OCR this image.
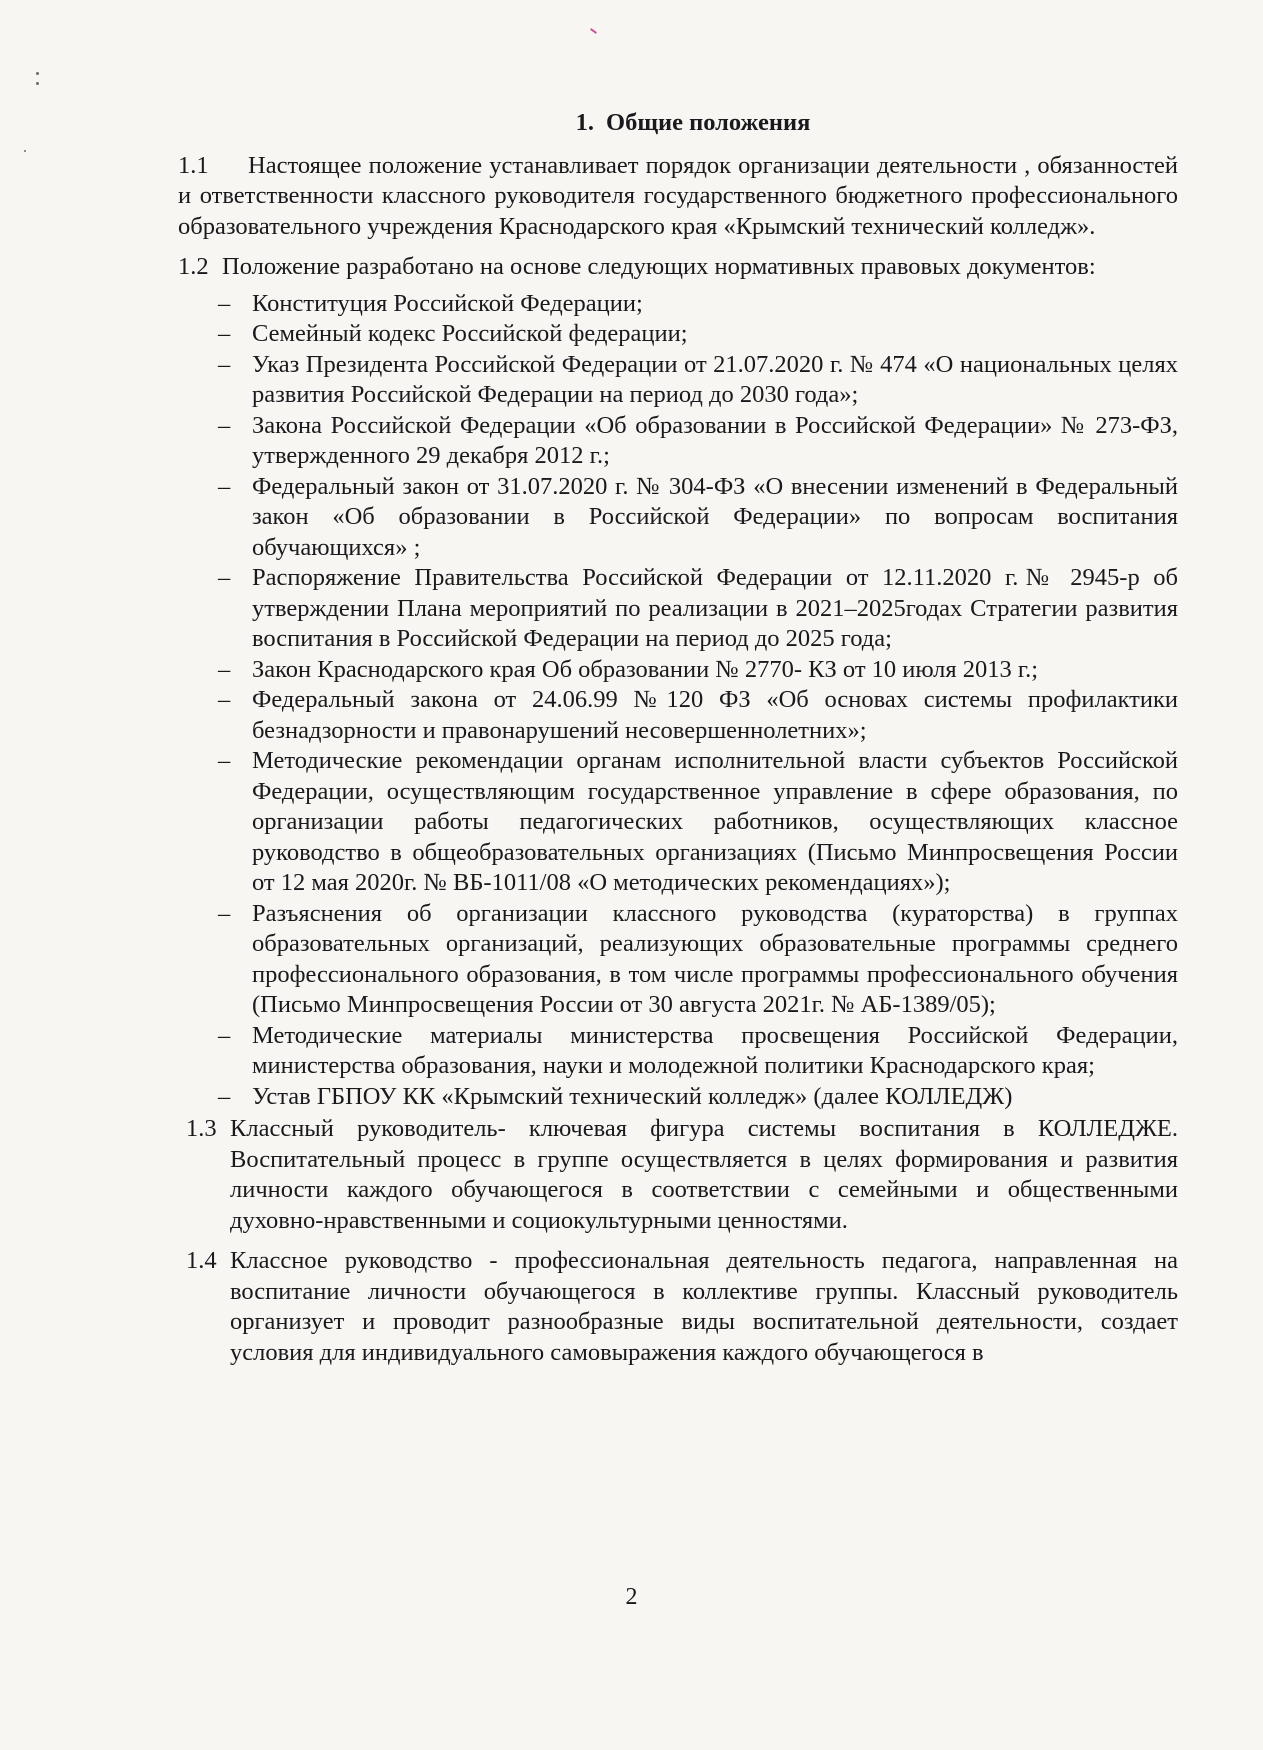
1. Общие положения

1.1 Настоящее положение устанавливает порядок организации деятельности , обязанностей и ответственности классного руководителя государственного бюджетного профессионального образовательного учреждения Краснодарского края «Крымский технический колледж».

1.2 Положение разработано на основе следующих нормативных правовых документов:
– Конституция Российской Федерации;
– Семейный кодекс Российской федерации;
– Указ Президента Российской Федерации от 21.07.2020 г. № 474 «О национальных целях развития Российской Федерации на период до 2030 года»;
– Закона Российской Федерации «Об образовании в Российской Федерации» № 273-ФЗ, утвержденного 29 декабря 2012 г.;
– Федеральный закон от 31.07.2020 г. № 304-ФЗ «О внесении изменений в Федеральный закон «Об образовании в Российской Федерации» по вопросам воспитания обучающихся» ;
– Распоряжение Правительства Российской Федерации от 12.11.2020 г.№ 2945-р об утверждении Плана мероприятий по реализации в 2021–2025годах Стратегии развития воспитания в Российской Федерации на период до 2025 года;
– Закон Краснодарского края Об образовании № 2770- КЗ от 10 июля 2013 г.;
– Федеральный закона от 24.06.99 №120 ФЗ «Об основах системы профилактики безнадзорности и правонарушений несовершеннолетних»;
– Методические рекомендации органам исполнительной власти субъектов Российской Федерации, осуществляющим государственное управление в сфере образования, по организации работы педагогических работников, осуществляющих классное руководство в общеобразовательных организациях (Письмо Минпросвещения России от 12 мая 2020г. № ВБ-1011/08 «О методических рекомендациях»);
– Разъяснения об организации классного руководства (кураторства) в группах образовательных организаций, реализующих образовательные программы среднего профессионального образования, в том числе программы профессионального обучения (Письмо Минпросвещения России от 30 августа 2021г. № АБ-1389/05);
– Методические материалы министерства просвещения Российской Федерации, министерства образования, науки и молодежной политики Краснодарского края;
– Устав ГБПОУ КК «Крымский технический колледж» (далее КОЛЛЕДЖ)
1.3 Классный руководитель- ключевая фигура системы воспитания в КОЛЛЕДЖЕ. Воспитательный процесс в группе осуществляется в целях формирования и развития личности каждого обучающегося в соответствии с семейными и общественными духовно-нравственными и социокультурными ценностями.
1.4 Классное руководство - профессиональная деятельность педагога, направленная на воспитание личности обучающегося в коллективе группы. Классный руководитель организует и проводит разнообразные виды воспитательной деятельности, создает условия для индивидуального самовыражения каждого обучающегося в
2
